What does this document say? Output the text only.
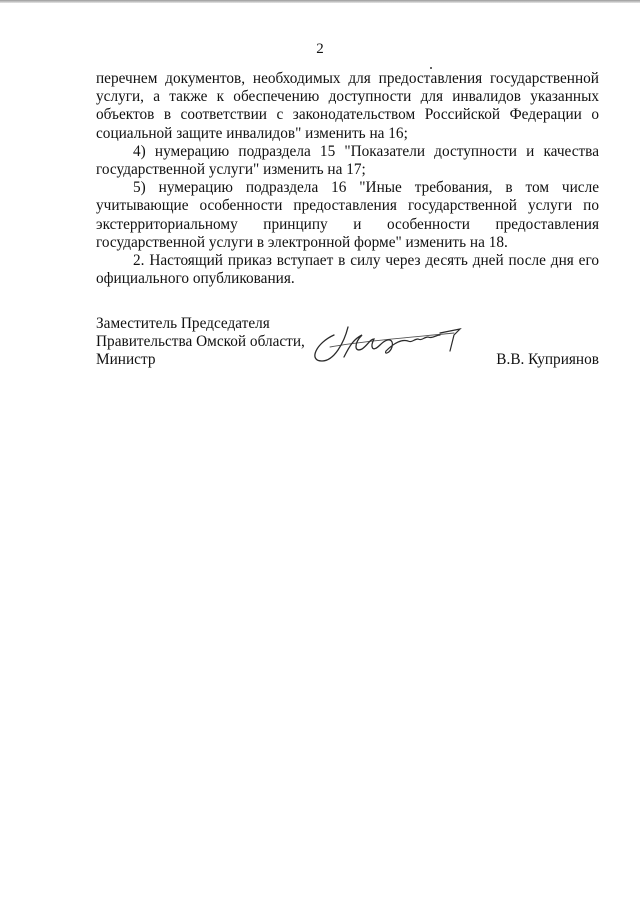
2

перечнем документов, необходимых для предоставления государственной услуги, а также к обеспечению доступности для инвалидов указанных объектов в соответствии с законодательством Российской Федерации о социальной защите инвалидов" изменить на 16;

4) нумерацию подраздела 15 "Показатели доступности и качества государственной услуги" изменить на 17;

5) нумерацию подраздела 16 "Иные требования, в том числе учитывающие особенности предоставления государственной услуги по экстерриториальному принципу и особенности предоставления государственной услуги в электронной форме" изменить на 18.

2. Настоящий приказ вступает в силу через десять дней после дня его официального опубликования.

Заместитель Председателя
Правительства Омской области,
Министр	В.В. Куприянов
